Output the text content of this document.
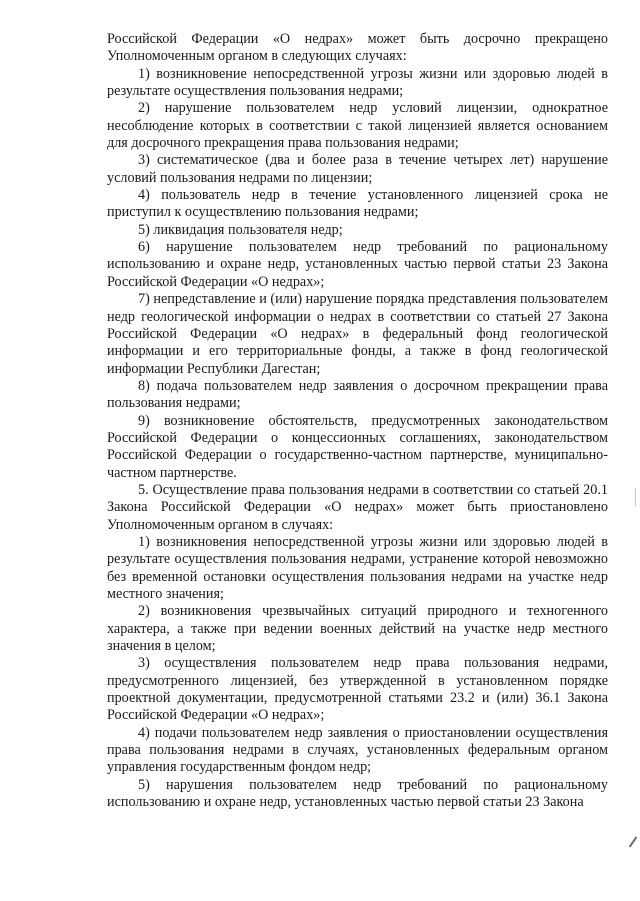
Российской Федерации «О недрах» может быть досрочно прекращено Уполномоченным органом в следующих случаях:

1) возникновение непосредственной угрозы жизни или здоровью людей в результате осуществления пользования недрами;

2) нарушение пользователем недр условий лицензии, однократное несоблюдение которых в соответствии с такой лицензией является основанием для досрочного прекращения права пользования недрами;

3) систематическое (два и более раза в течение четырех лет) нарушение условий пользования недрами по лицензии;

4) пользователь недр в течение установленного лицензией срока не приступил к осуществлению пользования недрами;

5) ликвидация пользователя недр;

6) нарушение пользователем недр требований по рациональному использованию и охране недр, установленных частью первой статьи 23 Закона Российской Федерации «О недрах»;

7) непредставление и (или) нарушение порядка представления пользователем недр геологической информации о недрах в соответствии со статьей 27 Закона Российской Федерации «О недрах» в федеральный фонд геологической информации и его территориальные фонды, а также в фонд геологической информации Республики Дагестан;

8) подача пользователем недр заявления о досрочном прекращении права пользования недрами;

9) возникновение обстоятельств, предусмотренных законодательством Российской Федерации о концессионных соглашениях, законодательством Российской Федерации о государственно-частном партнерстве, муниципально-частном партнерстве.

5. Осуществление права пользования недрами в соответствии со статьей 20.1 Закона Российской Федерации «О недрах» может быть приостановлено Уполномоченным органом в случаях:

1) возникновения непосредственной угрозы жизни или здоровью людей в результате осуществления пользования недрами, устранение которой невозможно без временной остановки осуществления пользования недрами на участке недр местного значения;

2) возникновения чрезвычайных ситуаций природного и техногенного характера, а также при ведении военных действий на участке недр местного значения в целом;

3) осуществления пользователем недр права пользования недрами, предусмотренного лицензией, без утвержденной в установленном порядке проектной документации, предусмотренной статьями 23.2 и (или) 36.1 Закона Российской Федерации «О недрах»;

4) подачи пользователем недр заявления о приостановлении осуществления права пользования недрами в случаях, установленных федеральным органом управления государственным фондом недр;

5) нарушения пользователем недр требований по рациональному использованию и охране недр, установленных частью первой статьи 23 Закона
